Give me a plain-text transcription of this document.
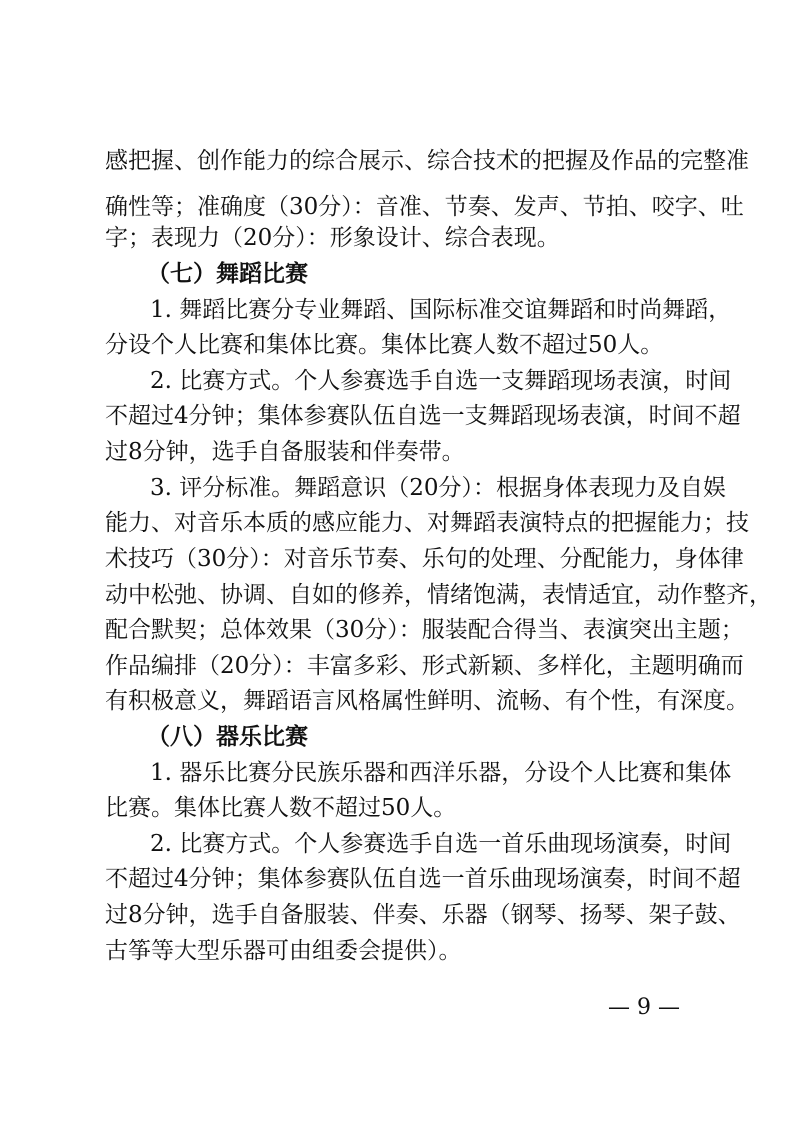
感把握、创作能力的综合展示、综合技术的把握及作品的完整准
确性等；准确度（30分）：音准、节奏、发声、节拍、咬字、吐
字；表现力（20分）：形象设计、综合表现。
（七）舞蹈比赛
1. 舞蹈比赛分专业舞蹈、国际标准交谊舞蹈和时尚舞蹈，
分设个人比赛和集体比赛。集体比赛人数不超过50人。
2. 比赛方式。个人参赛选手自选一支舞蹈现场表演，时间
不超过4分钟；集体参赛队伍自选一支舞蹈现场表演，时间不超
过8分钟，选手自备服装和伴奏带。
3. 评分标准。舞蹈意识（20分）：根据身体表现力及自娱
能力、对音乐本质的感应能力、对舞蹈表演特点的把握能力；技
术技巧（30分）：对音乐节奏、乐句的处理、分配能力，身体律
动中松弛、协调、自如的修养，情绪饱满，表情适宜，动作整齐，
配合默契；总体效果（30分）：服装配合得当、表演突出主题；
作品编排（20分）：丰富多彩、形式新颖、多样化，主题明确而
有积极意义，舞蹈语言风格属性鲜明、流畅、有个性，有深度。
（八）器乐比赛
1. 器乐比赛分民族乐器和西洋乐器，分设个人比赛和集体
比赛。集体比赛人数不超过50人。
2. 比赛方式。个人参赛选手自选一首乐曲现场演奏，时间
不超过4分钟；集体参赛队伍自选一首乐曲现场演奏，时间不超
过8分钟，选手自备服装、伴奏、乐器（钢琴、扬琴、架子鼓、
古筝等大型乐器可由组委会提供）。
— 9 —
